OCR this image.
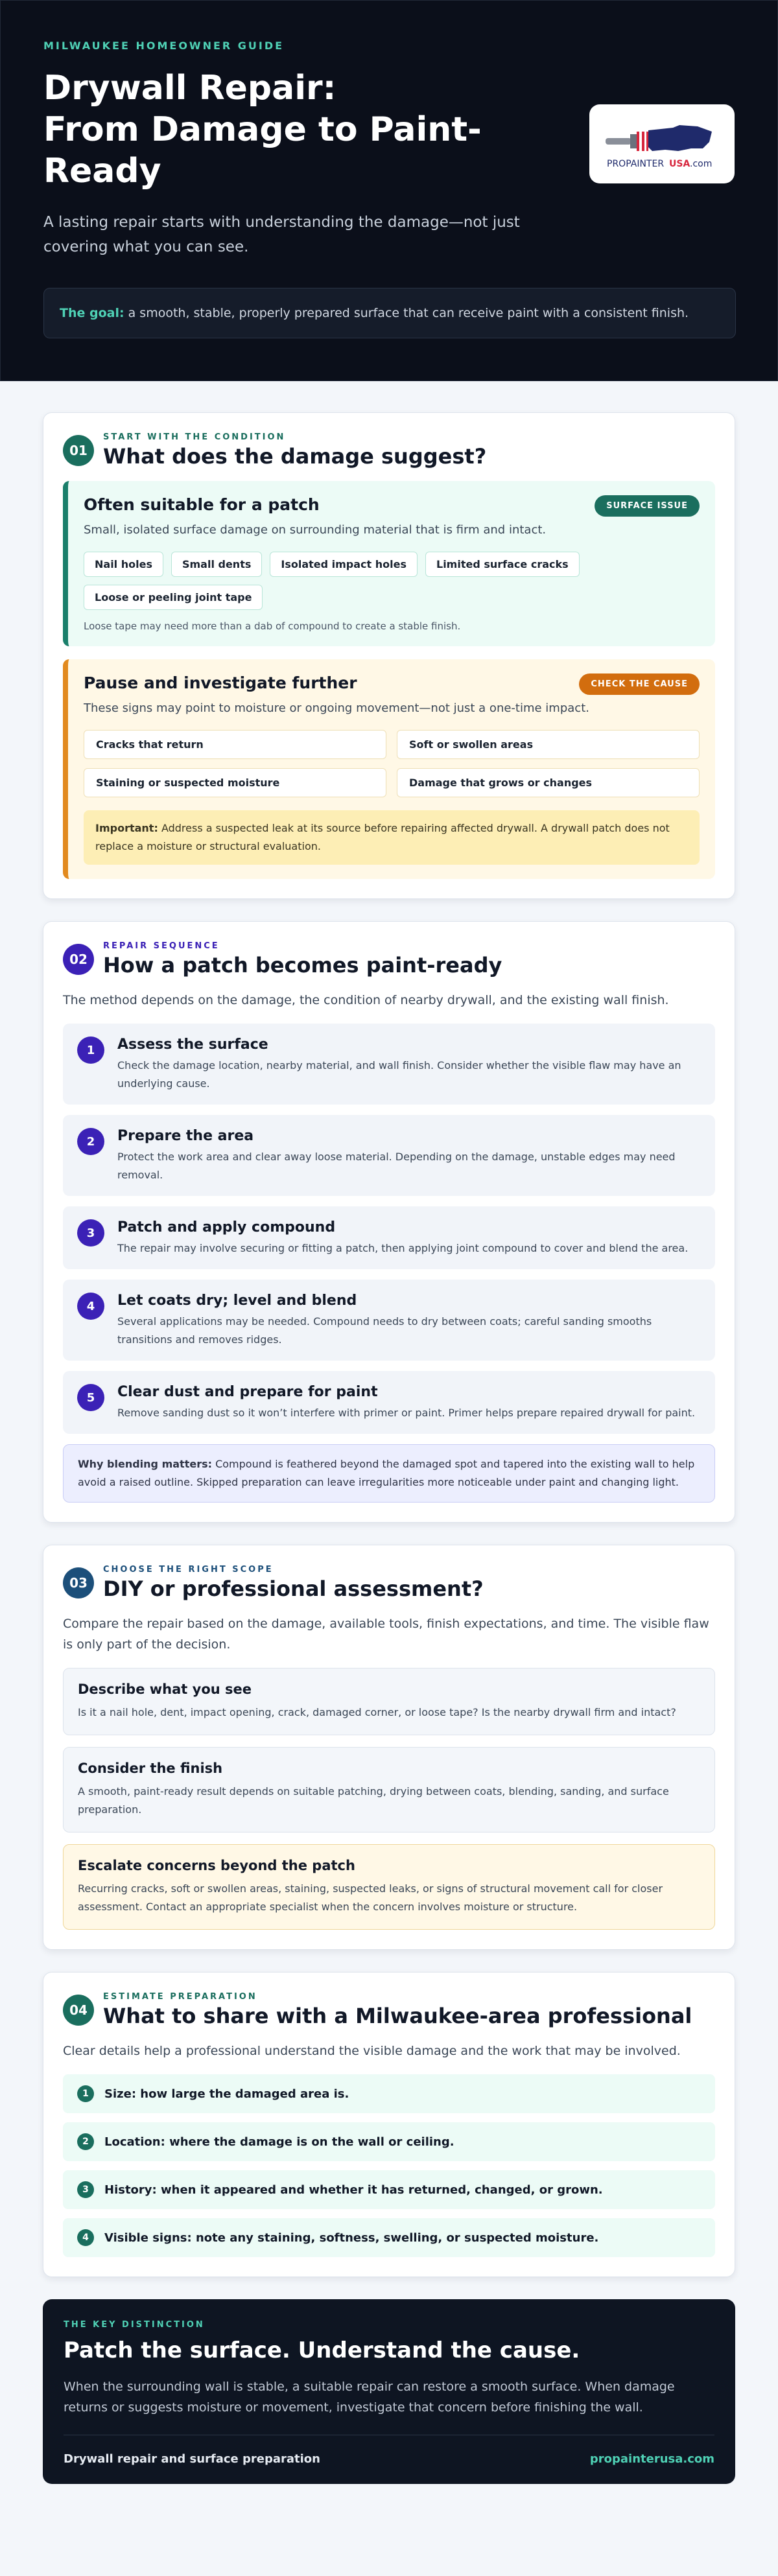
MILWAUKEE HOMEOWNER GUIDE
Drywall Repair:
From Damage to Paint-Ready

A lasting repair starts with understanding the damage—not just covering what you can see.

PROPAINTER USA .com
The goal: a smooth, stable, properly prepared surface that can receive paint with a consistent finish.
01
START WITH THE CONDITION
What does the damage suggest?
Often suitable for a patch	SURFACE ISSUE
Small, isolated surface damage on surrounding material that is firm and intact.
Nail holes	Small dents	Isolated impact holes	Limited surface cracks
Loose or peeling joint tape
Loose tape may need more than a dab of compound to create a stable finish.
Pause and investigate further	CHECK THE CAUSE
These signs may point to moisture or ongoing movement—not just a one-time impact.
Cracks that return	Soft or swollen areas
Staining or suspected moisture	Damage that grows or changes
Important: Address a suspected leak at its source before repairing affected drywall. A drywall patch does not replace a moisture or structural evaluation.
02
REPAIR SEQUENCE
How a patch becomes paint-ready

The method depends on the damage, the condition of nearby drywall, and the existing wall finish.

1	Assess the surface
Check the damage location, nearby material, and wall finish. Consider whether the visible flaw may have an underlying cause.
2	Prepare the area
Protect the work area and clear away loose material. Depending on the damage, unstable edges may need removal.
3	Patch and apply compound
The repair may involve securing or fitting a patch, then applying joint compound to cover and blend the area.
4	Let coats dry; level and blend
Several applications may be needed. Compound needs to dry between coats; careful sanding smooths transitions and removes ridges.
5	Clear dust and prepare for paint
Remove sanding dust so it won’t interfere with primer or paint. Primer helps prepare repaired drywall for paint.
Why blending matters: Compound is feathered beyond the damaged spot and tapered into the existing wall to help avoid a raised outline. Skipped preparation can leave irregularities more noticeable under paint and changing light.
03
CHOOSE THE RIGHT SCOPE
DIY or professional assessment?

Compare the repair based on the damage, available tools, finish expectations, and time. The visible flaw is only part of the decision.

Describe what you see
Is it a nail hole, dent, impact opening, crack, damaged corner, or loose tape? Is the nearby drywall firm and intact?
Consider the finish
A smooth, paint-ready result depends on suitable patching, drying between coats, blending, sanding, and surface preparation.
Escalate concerns beyond the patch
Recurring cracks, soft or swollen areas, staining, suspected leaks, or signs of structural movement call for closer assessment. Contact an appropriate specialist when the concern involves moisture or structure.
04
ESTIMATE PREPARATION
What to share with a Milwaukee-area professional

Clear details help a professional understand the visible damage and the work that may be involved.

1	Size: how large the damaged area is.
2	Location: where the damage is on the wall or ceiling.
3	History: when it appeared and whether it has returned, changed, or grown.
4	Visible signs: note any staining, softness, swelling, or suspected moisture.
THE KEY DISTINCTION
Patch the surface. Understand the cause.

When the surrounding wall is stable, a suitable repair can restore a smooth surface. When damage returns or suggests moisture or movement, investigate that concern before finishing the wall.

Drywall repair and surface preparation	propainterusa.com
